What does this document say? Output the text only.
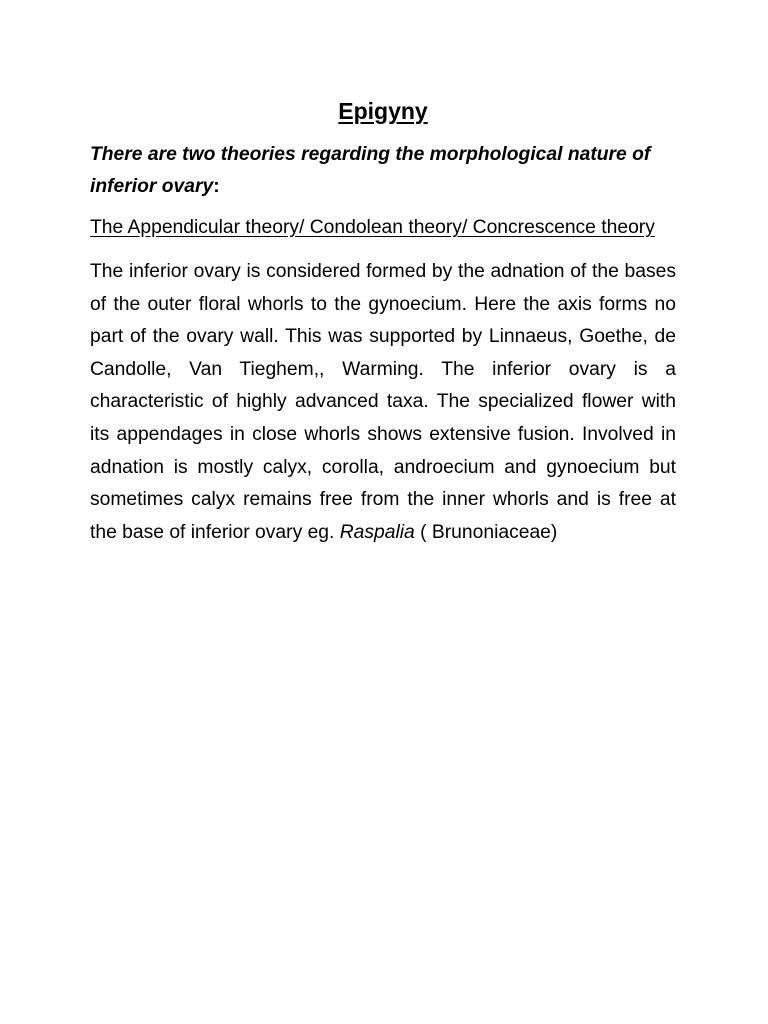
Epigyny

There are two theories regarding the morphological nature of inferior ovary:

The Appendicular theory/ Condolean theory/ Concrescence theory

The inferior ovary is considered formed by the adnation of the bases of the outer floral whorls to the gynoecium. Here the axis forms no part of the ovary wall. This was supported by Linnaeus, Goethe, de Candolle, Van Tieghem,, Warming. The inferior ovary is a characteristic of highly advanced taxa. The specialized flower with its appendages in close whorls shows extensive fusion. Involved in adnation is mostly calyx, corolla, androecium and gynoecium but sometimes calyx remains free from the inner whorls and is free at the base of inferior ovary eg. Raspalia ( Brunoniaceae)
